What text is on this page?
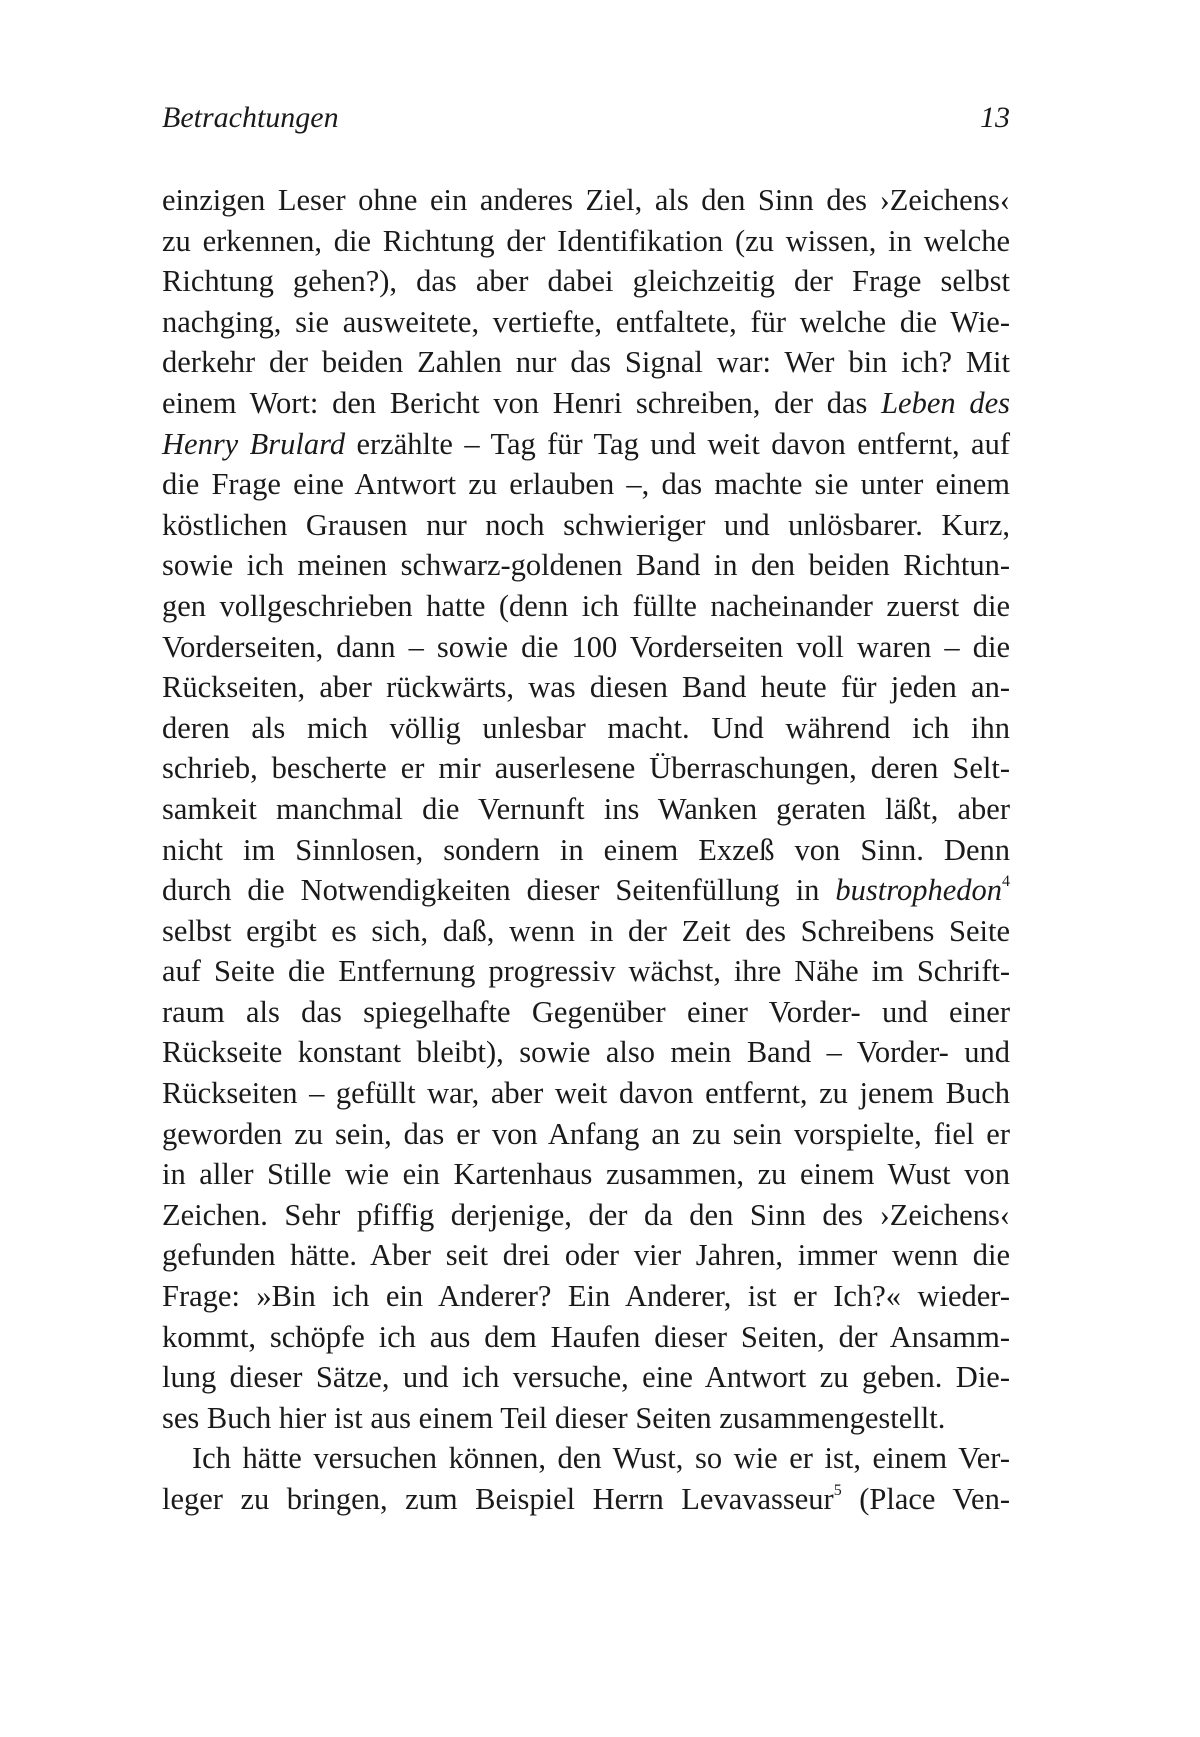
Betrachtungen	13
einzigen Leser ohne ein anderes Ziel, als den Sinn des ›Zeichens‹
zu erkennen, die Richtung der Identifikation (zu wissen, in welche
Richtung gehen?), das aber dabei gleichzeitig der Frage selbst
nachging, sie ausweitete, vertiefte, entfaltete, für welche die Wie-
derkehr der beiden Zahlen nur das Signal war: Wer bin ich? Mit
einem Wort: den Bericht von Henri schreiben, der das Leben des
Henry Brulard erzählte – Tag für Tag und weit davon entfernt, auf
die Frage eine Antwort zu erlauben –, das machte sie unter einem
köstlichen Grausen nur noch schwieriger und unlösbarer. Kurz,
sowie ich meinen schwarz-goldenen Band in den beiden Richtun-
gen vollgeschrieben hatte (denn ich füllte nacheinander zuerst die
Vorderseiten, dann – sowie die 100 Vorderseiten voll waren – die
Rückseiten, aber rückwärts, was diesen Band heute für jeden an-
deren als mich völlig unlesbar macht. Und während ich ihn
schrieb, bescherte er mir auserlesene Überraschungen, deren Selt-
samkeit manchmal die Vernunft ins Wanken geraten läßt, aber
nicht im Sinnlosen, sondern in einem Exzeß von Sinn. Denn
durch die Notwendigkeiten dieser Seitenfüllung in bustrophedon$^4$
selbst ergibt es sich, daß, wenn in der Zeit des Schreibens Seite
auf Seite die Entfernung progressiv wächst, ihre Nähe im Schrift-
raum als das spiegelhafte Gegenüber einer Vorder- und einer
Rückseite konstant bleibt), sowie also mein Band – Vorder- und
Rückseiten – gefüllt war, aber weit davon entfernt, zu jenem Buch
geworden zu sein, das er von Anfang an zu sein vorspielte, fiel er
in aller Stille wie ein Kartenhaus zusammen, zu einem Wust von
Zeichen. Sehr pfiffig derjenige, der da den Sinn des ›Zeichens‹
gefunden hätte. Aber seit drei oder vier Jahren, immer wenn die
Frage: »Bin ich ein Anderer? Ein Anderer, ist er Ich?« wieder-
kommt, schöpfe ich aus dem Haufen dieser Seiten, der Ansamm-
lung dieser Sätze, und ich versuche, eine Antwort zu geben. Die-
ses Buch hier ist aus einem Teil dieser Seiten zusammengestellt.
Ich hätte versuchen können, den Wust, so wie er ist, einem Ver-
leger zu bringen, zum Beispiel Herrn Levavasseur$^5$ (Place Ven-
